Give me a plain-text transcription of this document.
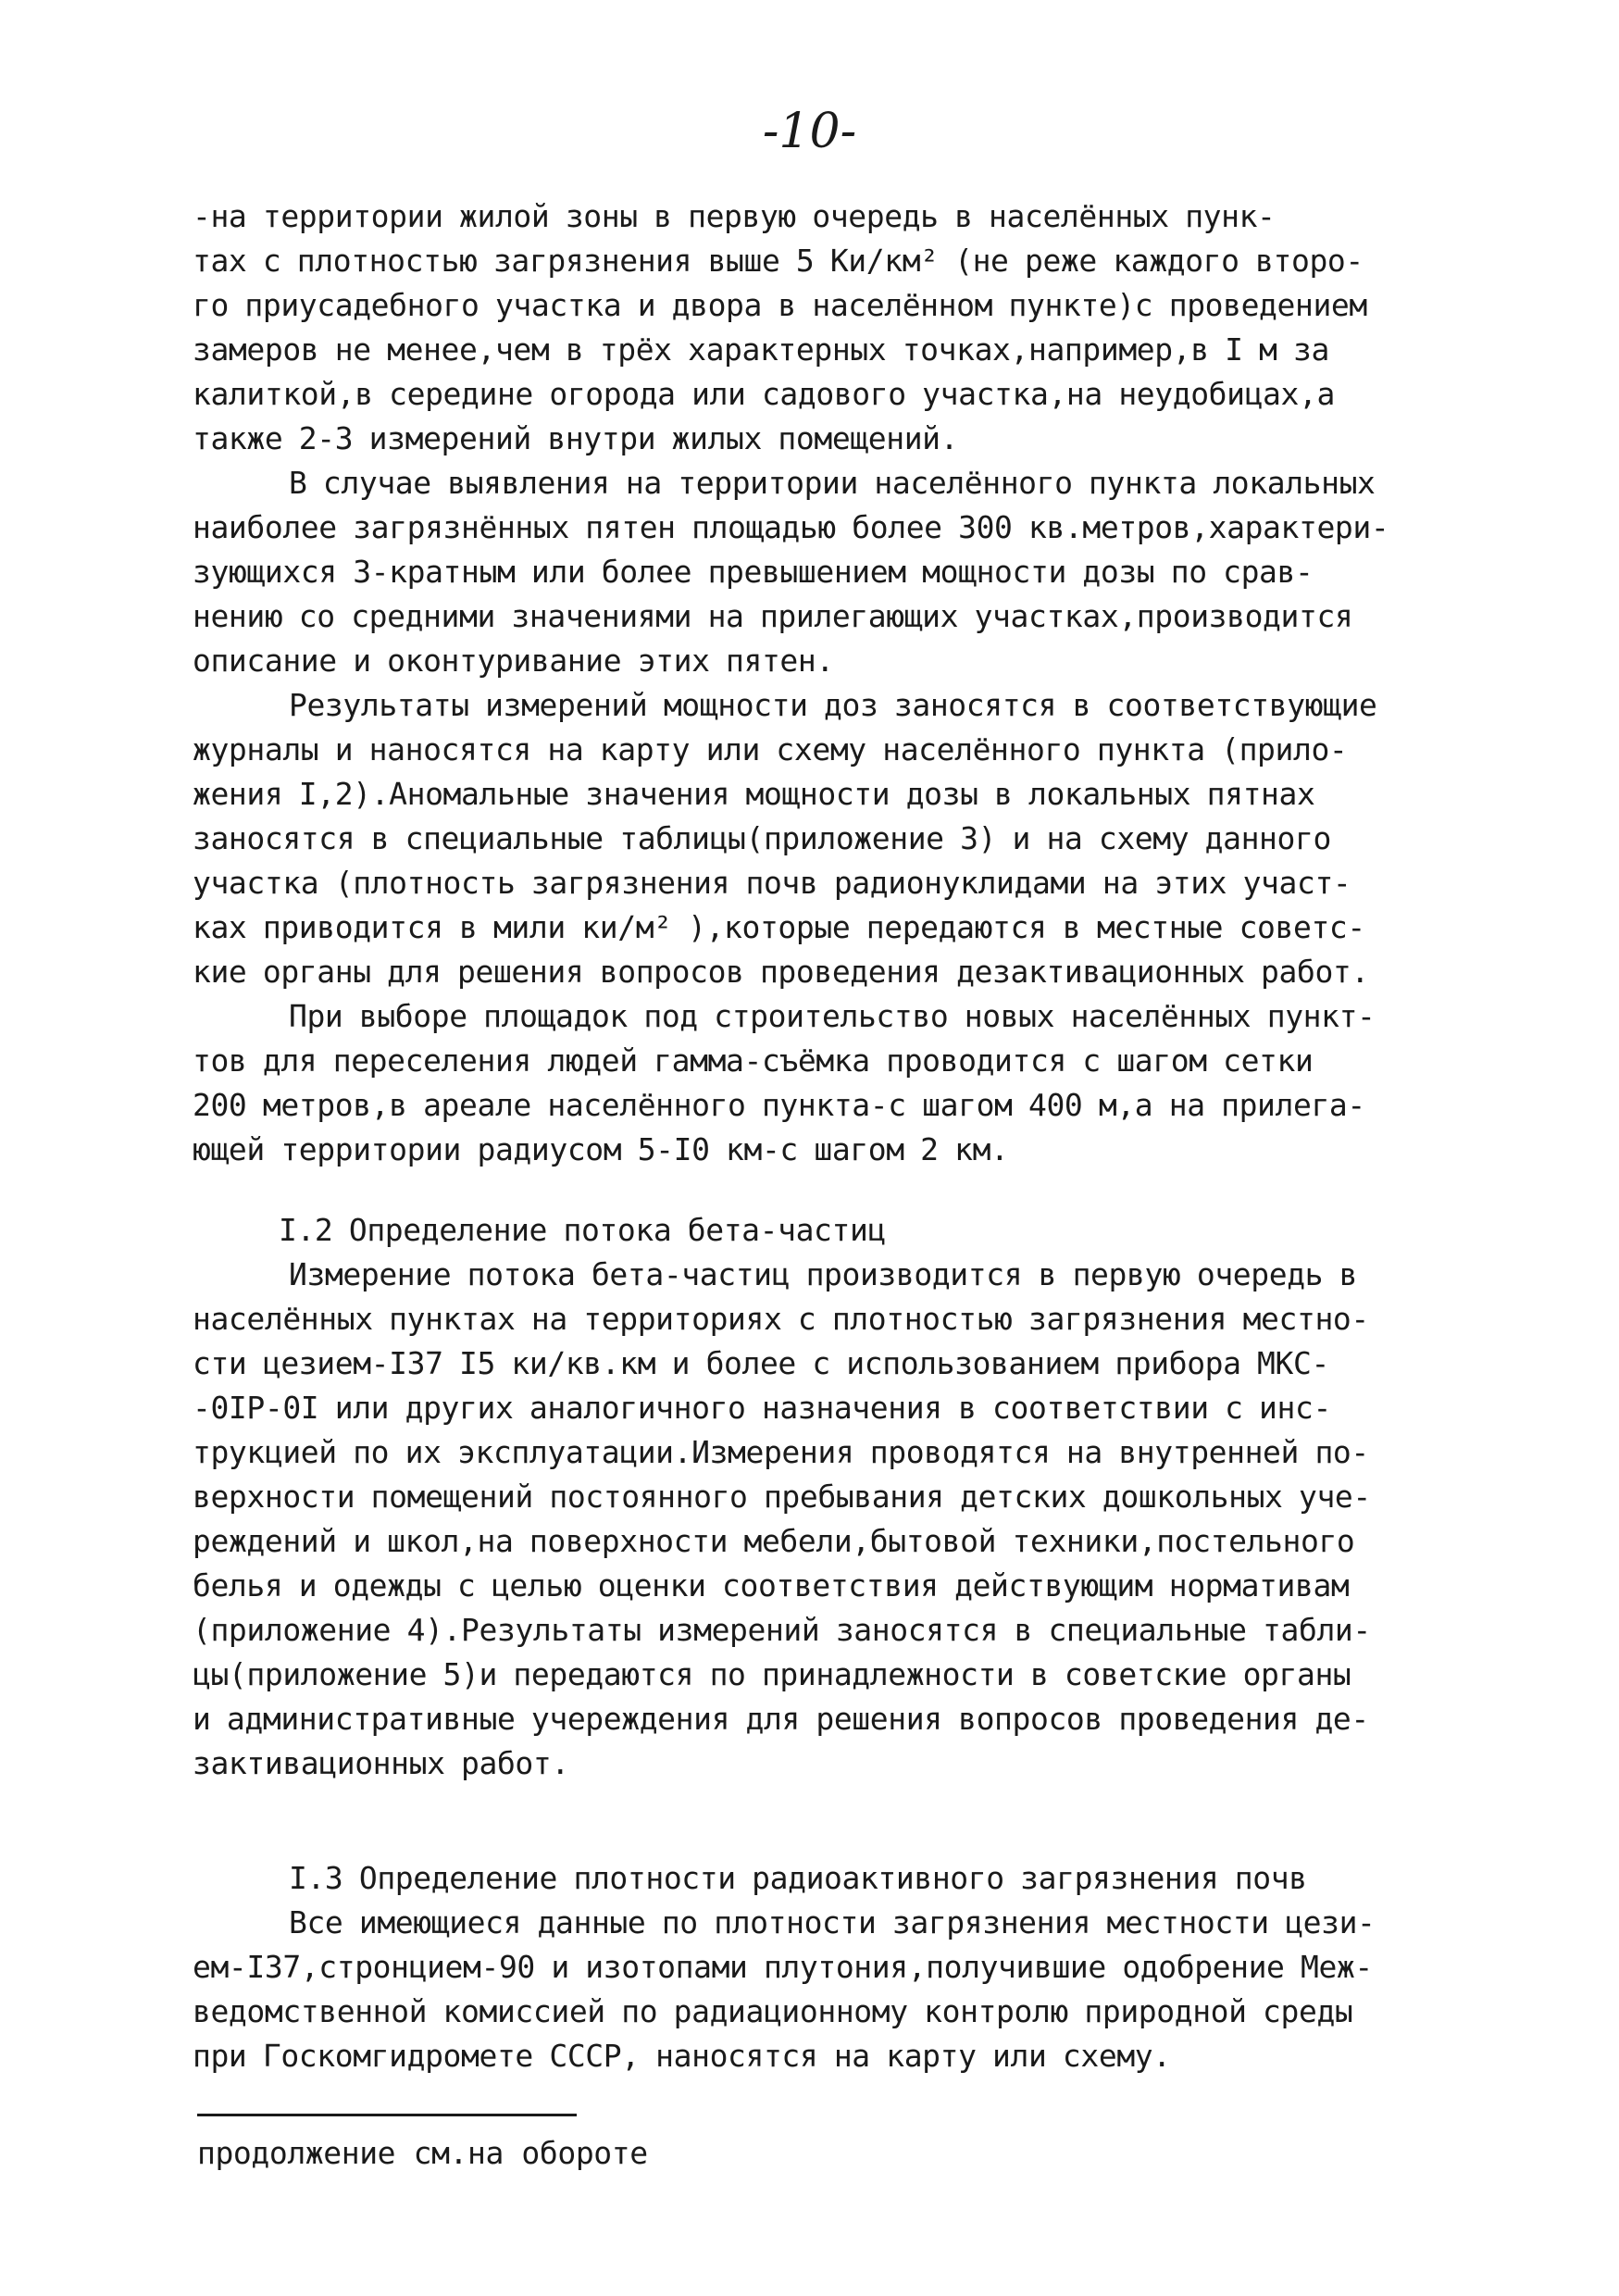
-10-
-на территории жилой зоны в первую очередь в населённых пунк-
тах с плотностью загрязнения выше 5 Ки/км² (не реже каждого второ-
го приусадебного участка и двора в населённом пункте)с проведением
замеров не менее,чем в трёх характерных точках,например,в I м за
калиткой,в середине огорода или садового участка,на неудобицах,а
также 2-3 измерений внутри жилых помещений.
В случае выявления на территории населённого пункта локальных
наиболее загрязнённых пятен площадью более 300 кв.метров,характери-
зующихся 3-кратным или более превышением мощности дозы по срав-
нению со средними значениями на прилегающих участках,производится
описание и оконтуривание этих пятен.
Результаты измерений мощности доз заносятся в соответствующие
журналы и наносятся на карту или схему населённого пункта (прило-
жения I,2).Аномальные значения мощности дозы в локальных пятнах
заносятся в специальные таблицы(приложение 3) и на схему данного
участка (плотность загрязнения почв радионуклидами на этих участ-
ках приводится в мили ки/м² ),которые передаются в местные советс-
кие органы для решения вопросов проведения дезактивационных работ.
При выборе площадок под строительство новых населённых пункт-
тов для переселения людей гамма-съёмка проводится с шагом сетки
200 метров,в ареале населённого пункта-с шагом 400 м,а на прилега-
ющей территории радиусом 5-I0 км-с шагом 2 км.
I.2 Определение потока бета-частиц
Измерение потока бета-частиц производится в первую очередь в
населённых пунктах на территориях с плотностью загрязнения местно-
сти цезием-I37 I5 ки/кв.км и более с использованием прибора МКС-
-0IР-0I или других аналогичного назначения в соответствии с инс-
трукцией по их эксплуатации.Измерения проводятся на внутренней по-
верхности помещений постоянного пребывания детских дошкольных уче-
реждений и школ,на поверхности мебели,бытовой техники,постельного
белья и одежды с целью оценки соответствия действующим нормативам
(приложение 4).Результаты измерений заносятся в специальные табли-
цы(приложение 5)и передаются по принадлежности в советские органы
и административные учереждения для решения вопросов проведения де-
зактивационных работ.
I.3 Определение плотности радиоактивного загрязнения почв
Все имеющиеся данные по плотности загрязнения местности цези-
ем-I37,стронцием-90 и изотопами плутония,получившие одобрение Меж-
ведомственной комиссией по радиационному контролю природной среды
при Госкомгидромете СССР, наносятся на карту или схему.
продолжение см.на обороте
